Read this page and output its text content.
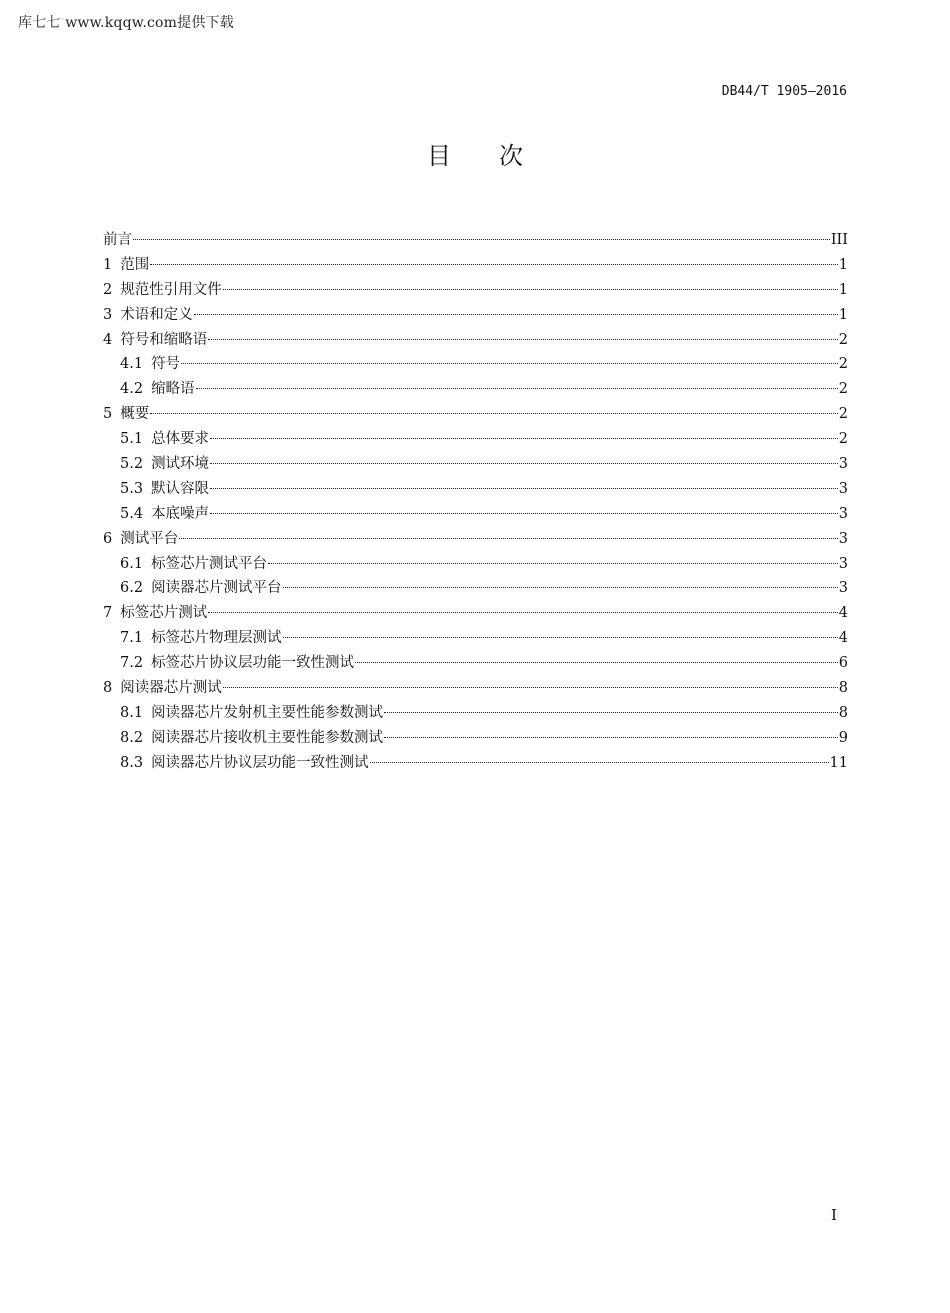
库七七 www.kqqw.com提供下载
DB44/T 1905—2016
目　　次
前言	III
1 范围	1
2 规范性引用文件	1
3 术语和定义	1
4 符号和缩略语	2
4.1 符号	2
4.2 缩略语	2
5 概要	2
5.1 总体要求	2
5.2 测试环境	3
5.3 默认容限	3
5.4 本底噪声	3
6 测试平台	3
6.1 标签芯片测试平台	3
6.2 阅读器芯片测试平台	3
7 标签芯片测试	4
7.1 标签芯片物理层测试	4
7.2 标签芯片协议层功能一致性测试	6
8 阅读器芯片测试	8
8.1 阅读器芯片发射机主要性能参数测试	8
8.2 阅读器芯片接收机主要性能参数测试	9
8.3 阅读器芯片协议层功能一致性测试	11
I
